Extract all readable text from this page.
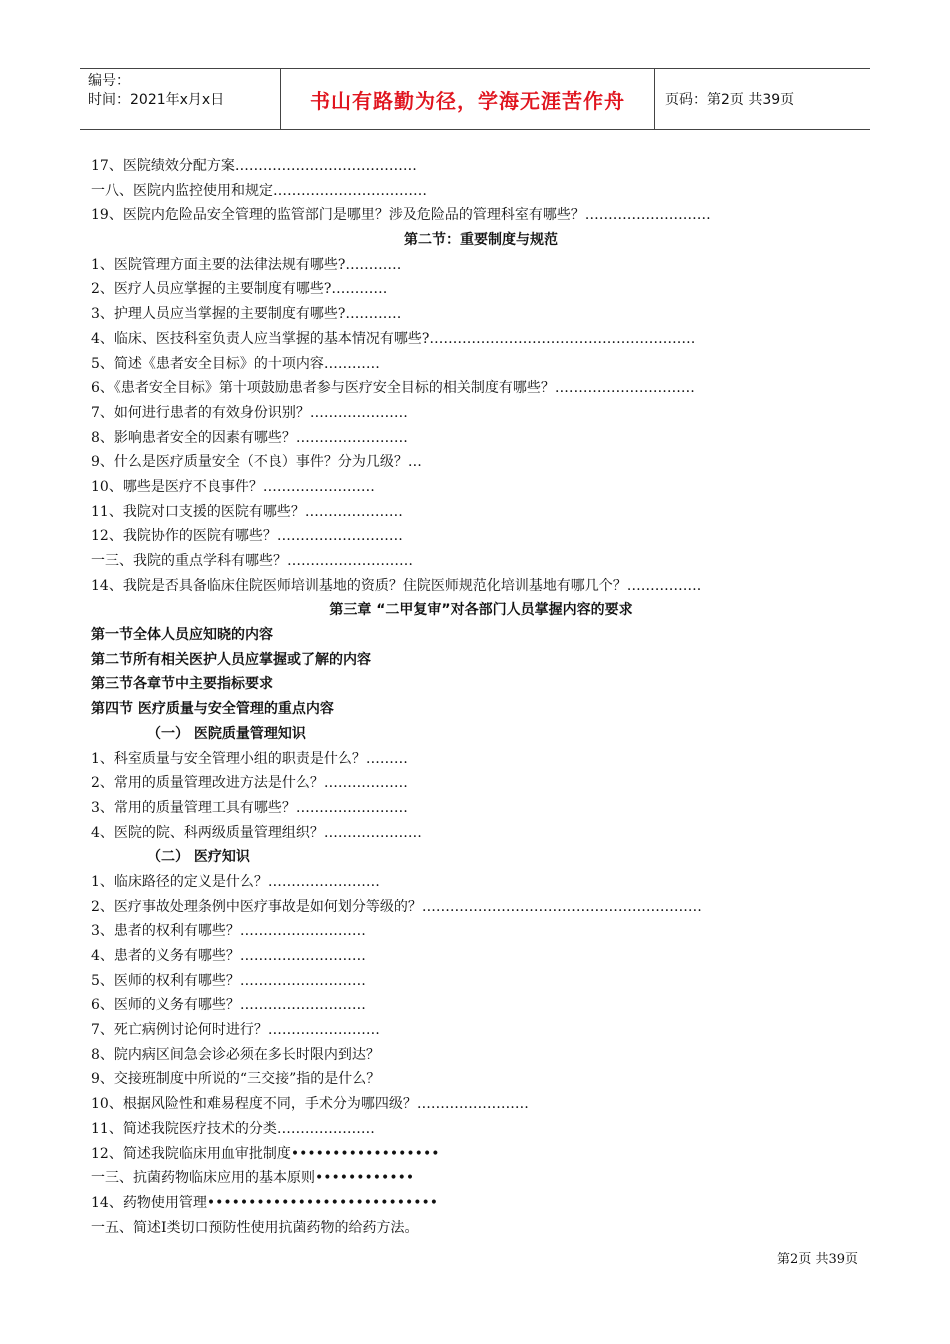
编号：
时间：2021年x月x日	书山有路勤为径，学海无涯苦作舟	页码：第2页 共39页
17、医院绩效分配方案…………………………………
一八、医院内监控使用和规定……………………………
19、医院内危险品安全管理的监管部门是哪里？涉及危险品的管理科室有哪些？………………………
第二节：重要制度与规范
1、医院管理方面主要的法律法规有哪些?…………
2、医疗人员应掌握的主要制度有哪些?…………
3、护理人员应当掌握的主要制度有哪些?…………
4、临床、医技科室负责人应当掌握的基本情况有哪些?…………………………………………………
5、简述《患者安全目标》的十项内容…………
6、《患者安全目标》第十项鼓励患者参与医疗安全目标的相关制度有哪些？…………………………
7、如何进行患者的有效身份识别？…………………
8、影响患者安全的因素有哪些？……………………
9、什么是医疗质量安全（不良）事件？分为几级？…
10、哪些是医疗不良事件？……………………
11、我院对口支援的医院有哪些？…………………
12、我院协作的医院有哪些？………………………
一三、我院的重点学科有哪些？………………………
14、我院是否具备临床住院医师培训基地的资质？住院医师规范化培训基地有哪几个？…………….
第三章 “二甲复审”对各部门人员掌握内容的要求
第一节全体人员应知晓的内容
第二节所有相关医护人员应掌握或了解的内容
第三节各章节中主要指标要求
第四节 医疗质量与安全管理的重点内容
（一） 医院质量管理知识
1、科室质量与安全管理小组的职责是什么？………
2、常用的质量管理改进方法是什么？………………
3、常用的质量管理工具有哪些？……………………
4、医院的院、科两级质量管理组织？…………………
（二） 医疗知识
1、临床路径的定义是什么？……………………
2、医疗事故处理条例中医疗事故是如何划分等级的？……………………………………………………
3、患者的权利有哪些？………………………
4、患者的义务有哪些？………………………
5、医师的权利有哪些？………………………
6、医师的义务有哪些？………………………
7、死亡病例讨论何时进行？……………………
8、院内病区间急会诊必须在多长时限内到达？
9、交接班制度中所说的“三交接”指的是什么？
10、根据风险性和难易程度不同，手术分为哪四级？……………………
11、简述我院医疗技术的分类…………………
12、简述我院临床用血审批制度••••••••••••••••••
一三、抗菌药物临床应用的基本原则••••••••••••
14、药物使用管理••••••••••••••••••••••••••••
一五、简述Ⅰ类切口预防性使用抗菌药物的给药方法。
第2页 共39页
